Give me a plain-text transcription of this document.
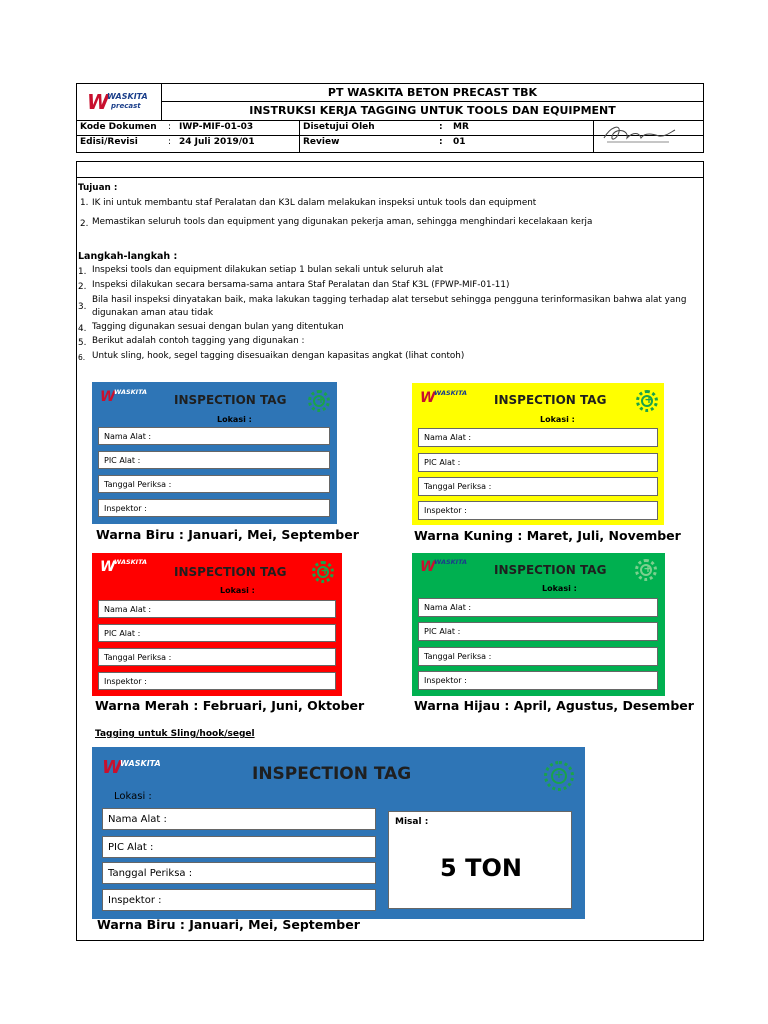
W
WASKITA
precast
PT WASKITA BETON PRECAST TBK
INSTRUKSI KERJA TAGGING UNTUK TOOLS DAN EQUIPMENT
Kode Dokumen : IWP-MIF-01-03	Disetujui Oleh	: MR
Edisi/Revisi	: 24 Juli 2019/01	Review	: 01
Tujuan :
1. IK ini untuk membantu staf Peralatan dan K3L dalam melakukan inspeksi untuk tools dan equipment
2. Memastikan seluruh tools dan equipment yang digunakan pekerja aman, sehingga menghindari kecelakaan kerja
Langkah-langkah :
1. Inspeksi tools dan equipment dilakukan setiap 1 bulan sekali untuk seluruh alat
2. Inspeksi dilakukan secara bersama-sama antara Staf Peralatan dan Staf K3L (FPWP-MIF-01-11)
3.
Bila hasil inspeksi dinyatakan baik, maka lakukan tagging terhadap alat tersebut sehingga pengguna terinformasikan bahwa alat yang
digunakan aman atau tidak
4. Tagging digunakan sesuai dengan bulan yang ditentukan
5. Berikut adalah contoh tagging yang digunakan :
6. Untuk sling, hook, segel tagging disesuaikan dengan kapasitas angkat (lihat contoh)
W
WASKITA
INSPECTION TAG	+
Lokasi :
Nama Alat :
PIC Alat :
Tanggal Periksa :
Inspektor :
Warna Biru : Januari, Mei, September
W
WASKITA INSPECTION TAG	+
Lokasi :
Nama Alat :
PIC Alat :
Tanggal Periksa :
Inspektor :
Warna Kuning : Maret, Juli, November
W
WASKITA
INSPECTION TAG	+
Lokasi :
Nama Alat :
PIC Alat :
Tanggal Periksa :
Inspektor :
Warna Merah : Februari, Juni, Oktober
W
WASKITA
INSPECTION TAG	+
Lokasi :
Nama Alat :
PIC Alat :
Tanggal Periksa :
Inspektor :
Warna Hijau : April, Agustus, Desember
Tagging untuk Sling/hook/segel
W
WASKITA
INSPECTION TAG	+
Lokasi :
Nama Alat :
PIC Alat :
Tanggal Periksa :
Inspektor :
Misal :
5 TON
Warna Biru : Januari, Mei, September
